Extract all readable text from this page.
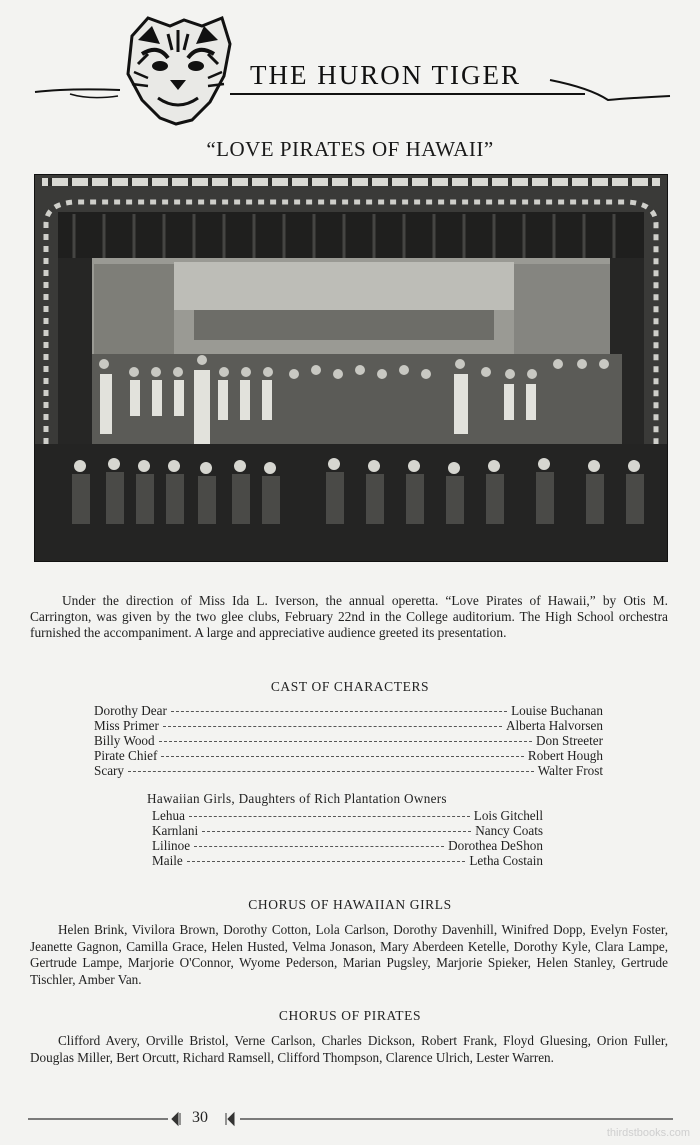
THE HURON TIGER
“LOVE PIRATES OF HAWAII”

Under the direction of Miss Ida L. Iverson, the annual operetta. “Love Pirates of Hawaii,” by Otis M. Carrington, was given by the two glee clubs, February 22nd in the College auditorium. The High School orchestra furnished the accompaniment. A large and appreciative audience greeted its presentation.

CAST OF CHARACTERS
Dorothy Dear	Louise Buchanan
Miss Primer	Alberta Halvorsen
Billy Wood	Don Streeter
Pirate Chief	Robert Hough
Scary	Walter Frost
Hawaiian Girls, Daughters of Rich Plantation Owners
Lehua	Lois Gitchell
Karnlani	Nancy Coats
Lilinoe	Dorothea DeShon
Maile	Letha Costain
CHORUS OF HAWAIIAN GIRLS

Helen Brink, Vivilora Brown, Dorothy Cotton, Lola Carlson, Dorothy Davenhill, Winifred Dopp, Evelyn Foster, Jeanette Gagnon, Camilla Grace, Helen Husted, Velma Jonason, Mary Aberdeen Ketelle, Dorothy Kyle, Clara Lampe, Gertrude Lampe, Marjorie O'Connor, Wyome Pederson, Marian Pugsley, Marjorie Spieker, Helen Stanley, Gertrude Tischler, Amber Van.

CHORUS OF PIRATES

Clifford Avery, Orville Bristol, Verne Carlson, Charles Dickson, Robert Frank, Floyd Gluesing, Orion Fuller, Douglas Miller, Bert Orcutt, Richard Ramsell, Clifford Thompson, Clarence Ulrich, Lester Warren.

30
thirdstbooks.com
